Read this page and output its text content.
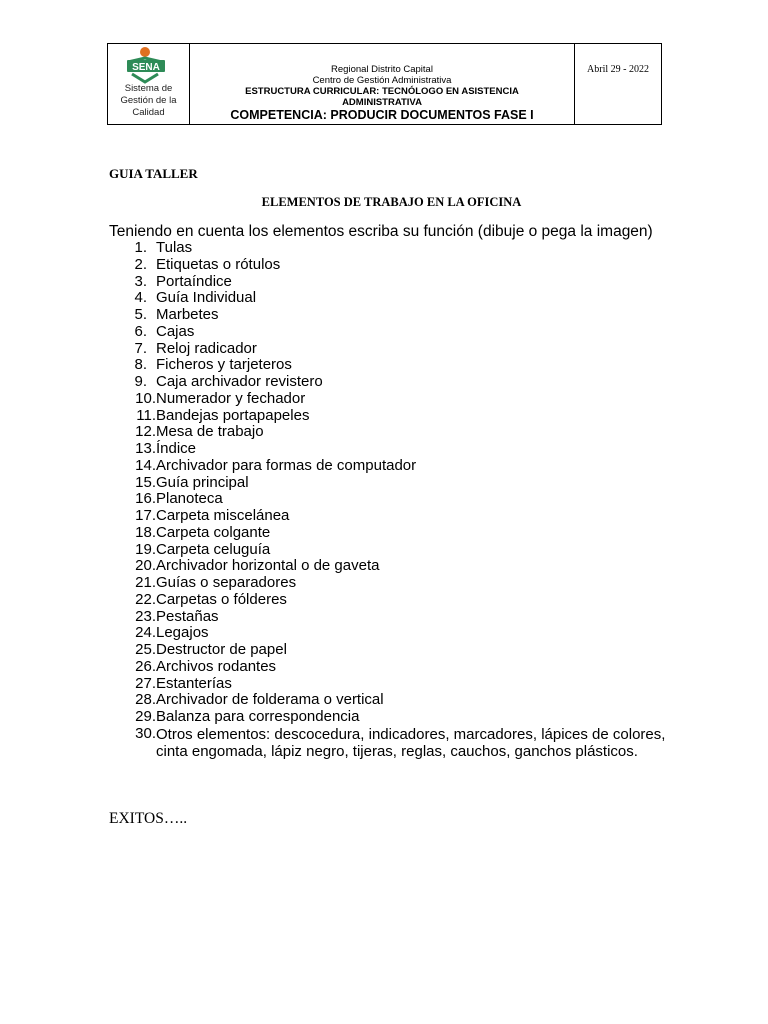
SENA
Sistema de
Gestión de la
Calidad
Regional Distrito Capital
Centro de Gestión Administrativa
ESTRUCTURA CURRICULAR: TECNÓLOGO EN ASISTENCIA ADMINISTRATIVA
COMPETENCIA: PRODUCIR DOCUMENTOS FASE I
Abril 29 - 2022
GUIA TALLER
ELEMENTOS DE TRABAJO EN LA OFICINA
Teniendo en cuenta los elementos escriba su función (dibuje o pega la imagen)
1. Tulas
2. Etiquetas o rótulos
3. Portaíndice
4. Guía Individual
5. Marbetes
6. Cajas
7. Reloj radicador
8. Ficheros y tarjeteros
9. Caja archivador revistero
10. Numerador y fechador
11. Bandejas portapapeles
12. Mesa de trabajo
13. Índice
14. Archivador para formas de computador
15. Guía principal
16. Planoteca
17. Carpeta miscelánea
18. Carpeta colgante
19. Carpeta celuguía
20. Archivador horizontal o de gaveta
21. Guías o separadores
22. Carpetas o fólderes
23. Pestañas
24. Legajos
25. Destructor de papel
26. Archivos rodantes
27. Estanterías
28. Archivador de folderama o vertical
29. Balanza para correspondencia
30. Otros elementos: descocedura, indicadores, marcadores, lápices de colores, cinta engomada, lápiz negro, tijeras, reglas, cauchos, ganchos plásticos.
EXITOS…..
